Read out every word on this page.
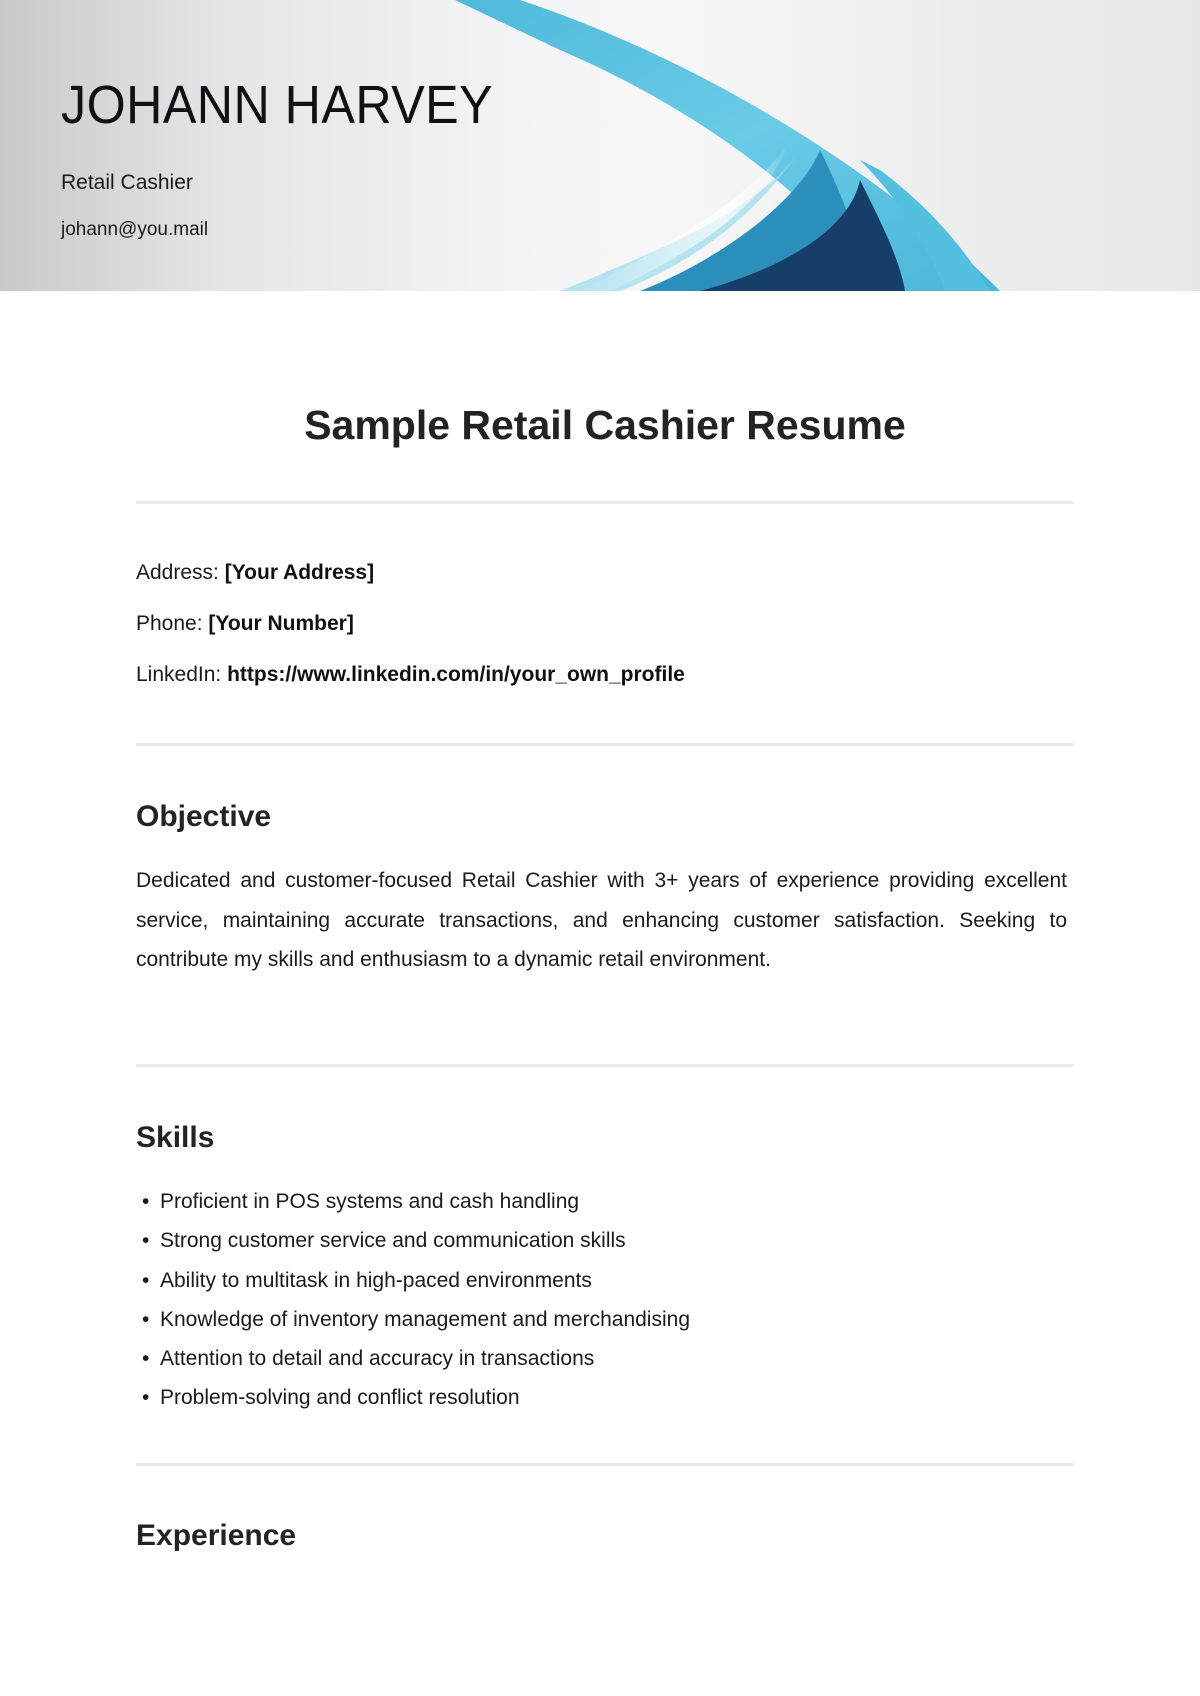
JOHANN HARVEY
Retail Cashier
johann@you.mail
Sample Retail Cashier Resume
Address: [Your Address]
Phone: [Your Number]
LinkedIn: https://www.linkedin.com/in/your_own_profile
Objective

Dedicated and customer-focused Retail Cashier with 3+ years of experience providing excellent service, maintaining accurate transactions, and enhancing customer satisfaction. Seeking to contribute my skills and enthusiasm to a dynamic retail environment.

Skills
• Proficient in POS systems and cash handling
• Strong customer service and communication skills
• Ability to multitask in high-paced environments
• Knowledge of inventory management and merchandising
• Attention to detail and accuracy in transactions
• Problem-solving and conflict resolution
Experience
